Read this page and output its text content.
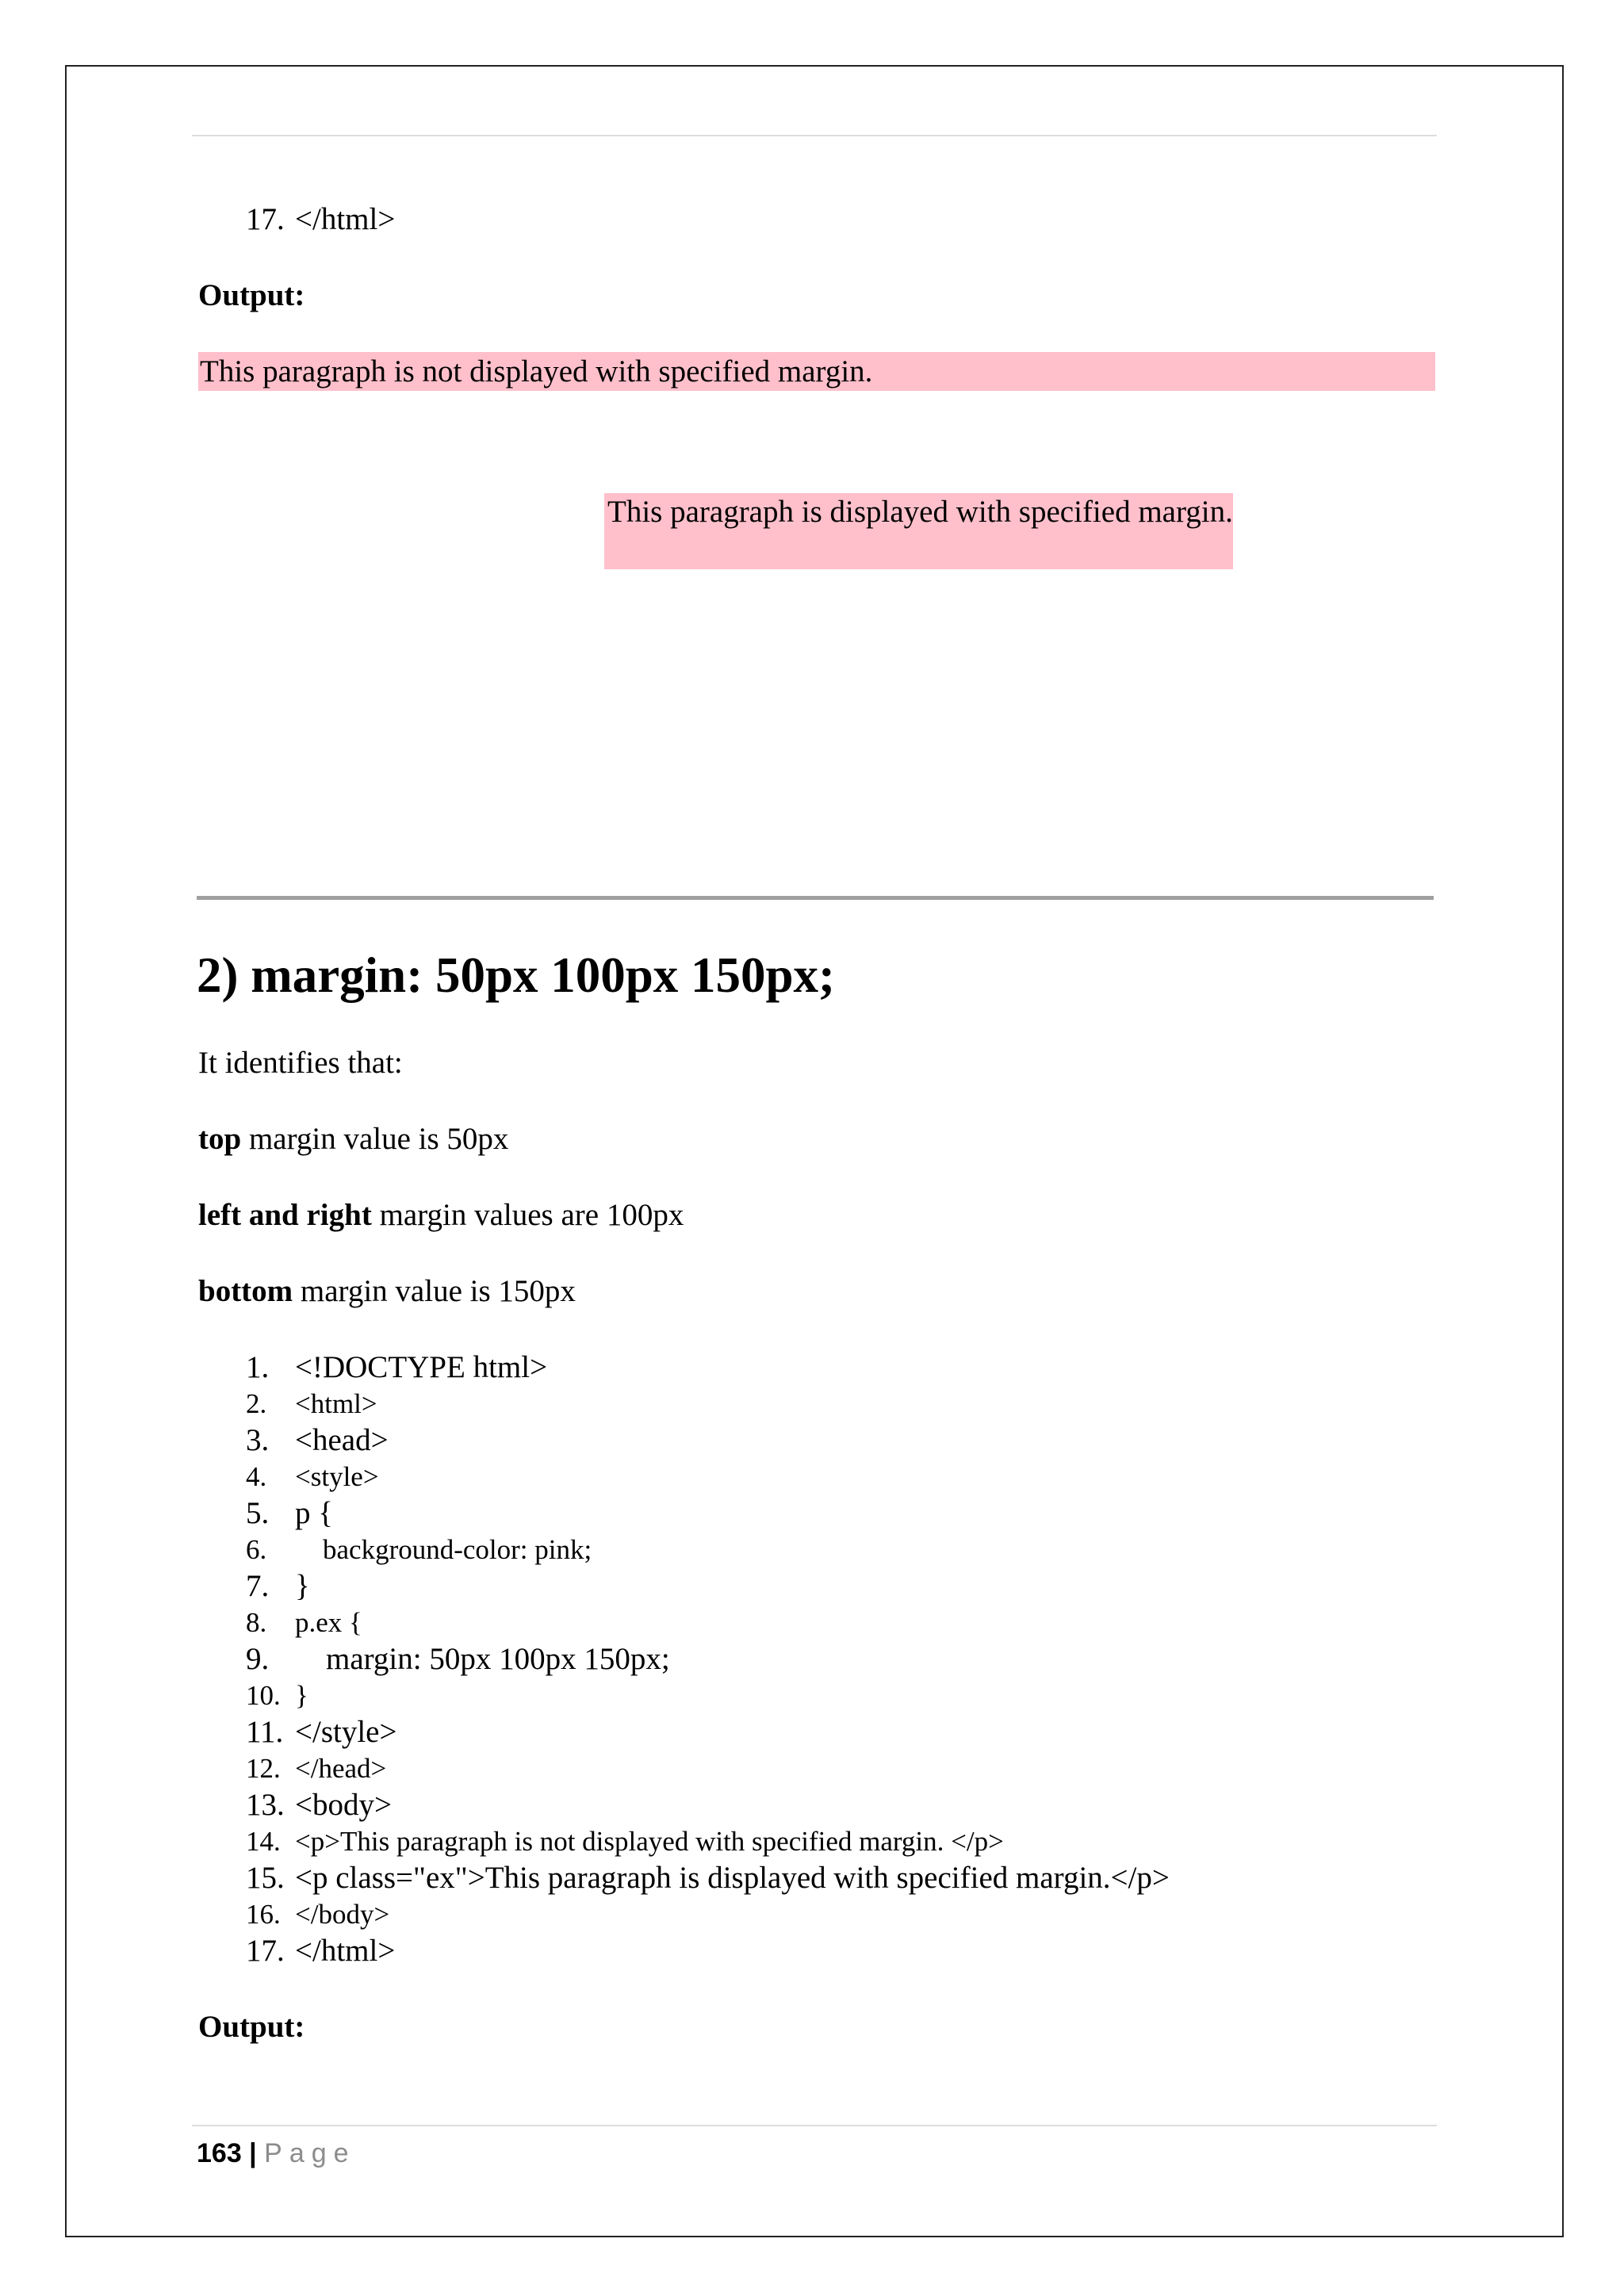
17. </html>
Output:
This paragraph is not displayed with specified margin.
This paragraph is displayed with specified margin.
2) margin: 50px 100px 150px;
It identifies that:
top margin value is 50px
left and right margin values are 100px
bottom margin value is 150px
1. <!DOCTYPE html>
2. <html>
3. <head>
4. <style>
5. p {
6.    background-color: pink;
7. }
8. p.ex {
9.    margin: 50px 100px 150px;
10. }
11. </style>
12. </head>
13. <body>
14. <p>This paragraph is not displayed with specified margin. </p>
15. <p class="ex">This paragraph is displayed with specified margin.</p>
16. </body>
17. </html>
Output:
163 | Page
